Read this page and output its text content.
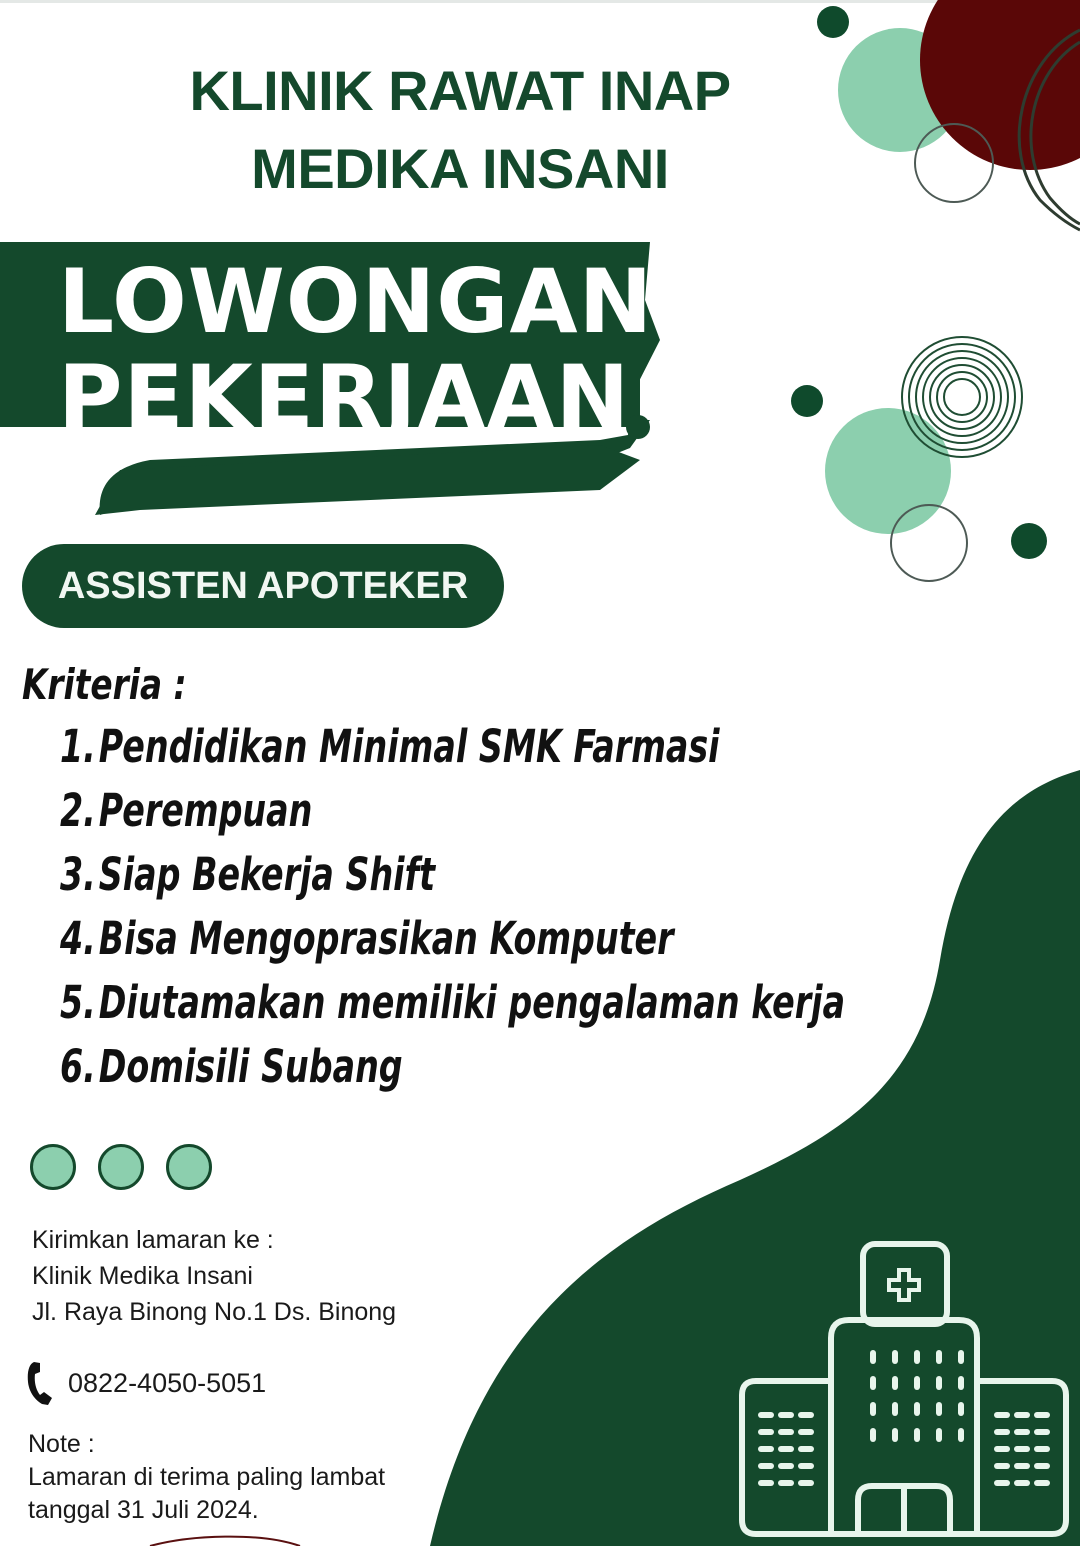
KLINIK RAWAT INAP
MEDIKA INSANI
LOWONGAN
PEKERJAAN
ASSISTEN APOTEKER
Kriteria :
1.Pendidikan Minimal SMK Farmasi
2.Perempuan
3.Siap Bekerja Shift
4.Bisa Mengoprasikan Komputer
5.Diutamakan memiliki pengalaman kerja
6.Domisili Subang
Kirimkan lamaran ke :
Klinik Medika Insani
Jl. Raya Binong No.1 Ds. Binong
0822-4050-5051
Note :
Lamaran di terima paling lambat
tanggal 31 Juli 2024.
